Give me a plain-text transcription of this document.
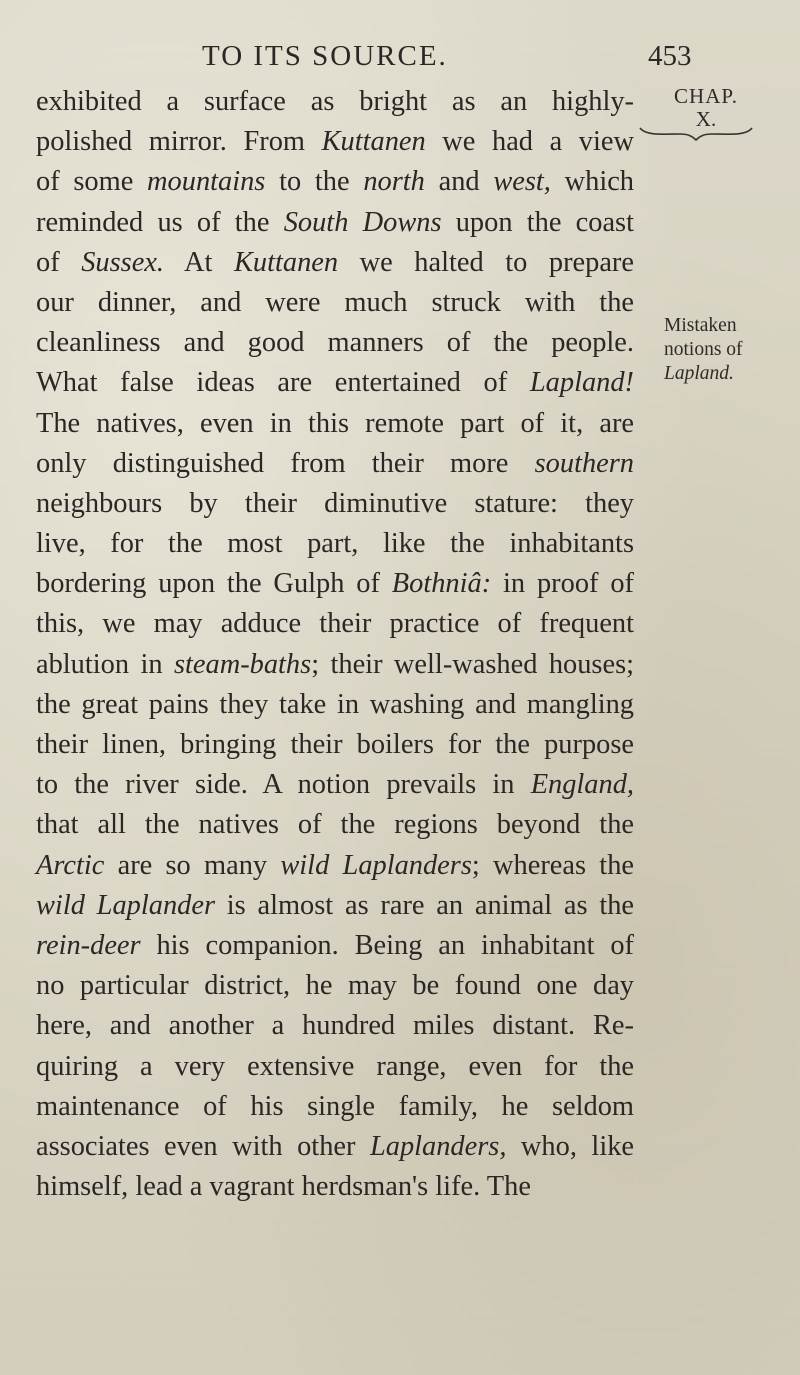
TO ITS SOURCE.	453
CHAP.
X.
Mistaken
notions of
Lapland.
exhibited a surface as bright as an highly-
polished mirror. From Kuttanen we had a view
of some mountains to the north and west, which
reminded us of the South Downs upon the coast
of Sussex. At Kuttanen we halted to prepare
our dinner, and were much struck with the
cleanliness and good manners of the people.
What false ideas are entertained of Lapland!
The natives, even in this remote part of it, are
only distinguished from their more southern
neighbours by their diminutive stature: they
live, for the most part, like the inhabitants
bordering upon the Gulph of Bothniâ: in proof of
this, we may adduce their practice of frequent
ablution in steam-baths; their well-washed houses;
the great pains they take in washing and mangling
their linen, bringing their boilers for the purpose
to the river side. A notion prevails in England,
that all the natives of the regions beyond the
Arctic are so many wild Laplanders; whereas the
wild Laplander is almost as rare an animal as the
rein-deer his companion. Being an inhabitant of
no particular district, he may be found one day
here, and another a hundred miles distant. Re-
quiring a very extensive range, even for the
maintenance of his single family, he seldom
associates even with other Laplanders, who, like
himself, lead a vagrant herdsman's life. The
